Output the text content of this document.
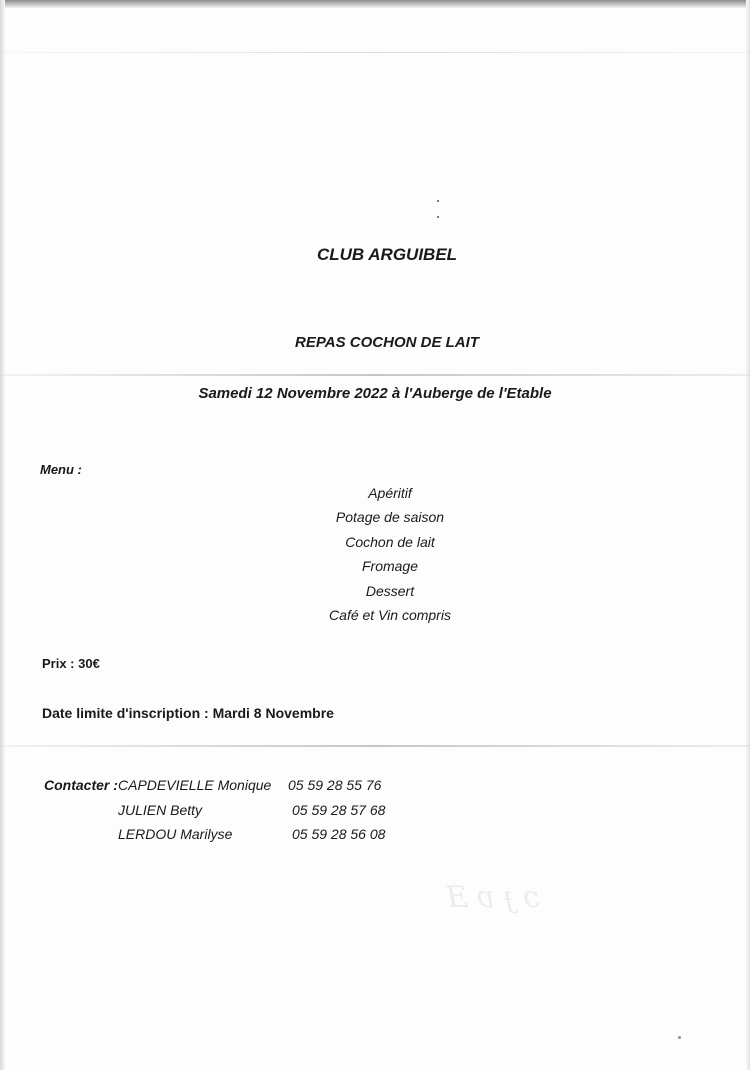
ↄ ɟ ɐ Ǝ
CLUB ARGUIBEL
REPAS COCHON DE LAIT
Samedi 12 Novembre 2022 à l'Auberge de l'Etable
Menu :
Apéritif
Potage de saison
Cochon de lait
Fromage
Dessert
Café et Vin compris
Prix : 30€
Date limite d'inscription : Mardi 8 Novembre
Contacter : CAPDEVIELLE Monique 05 59 28 55 76
JULIEN Betty	05 59 28 57 68
LERDOU Marilyse	05 59 28 56 08
